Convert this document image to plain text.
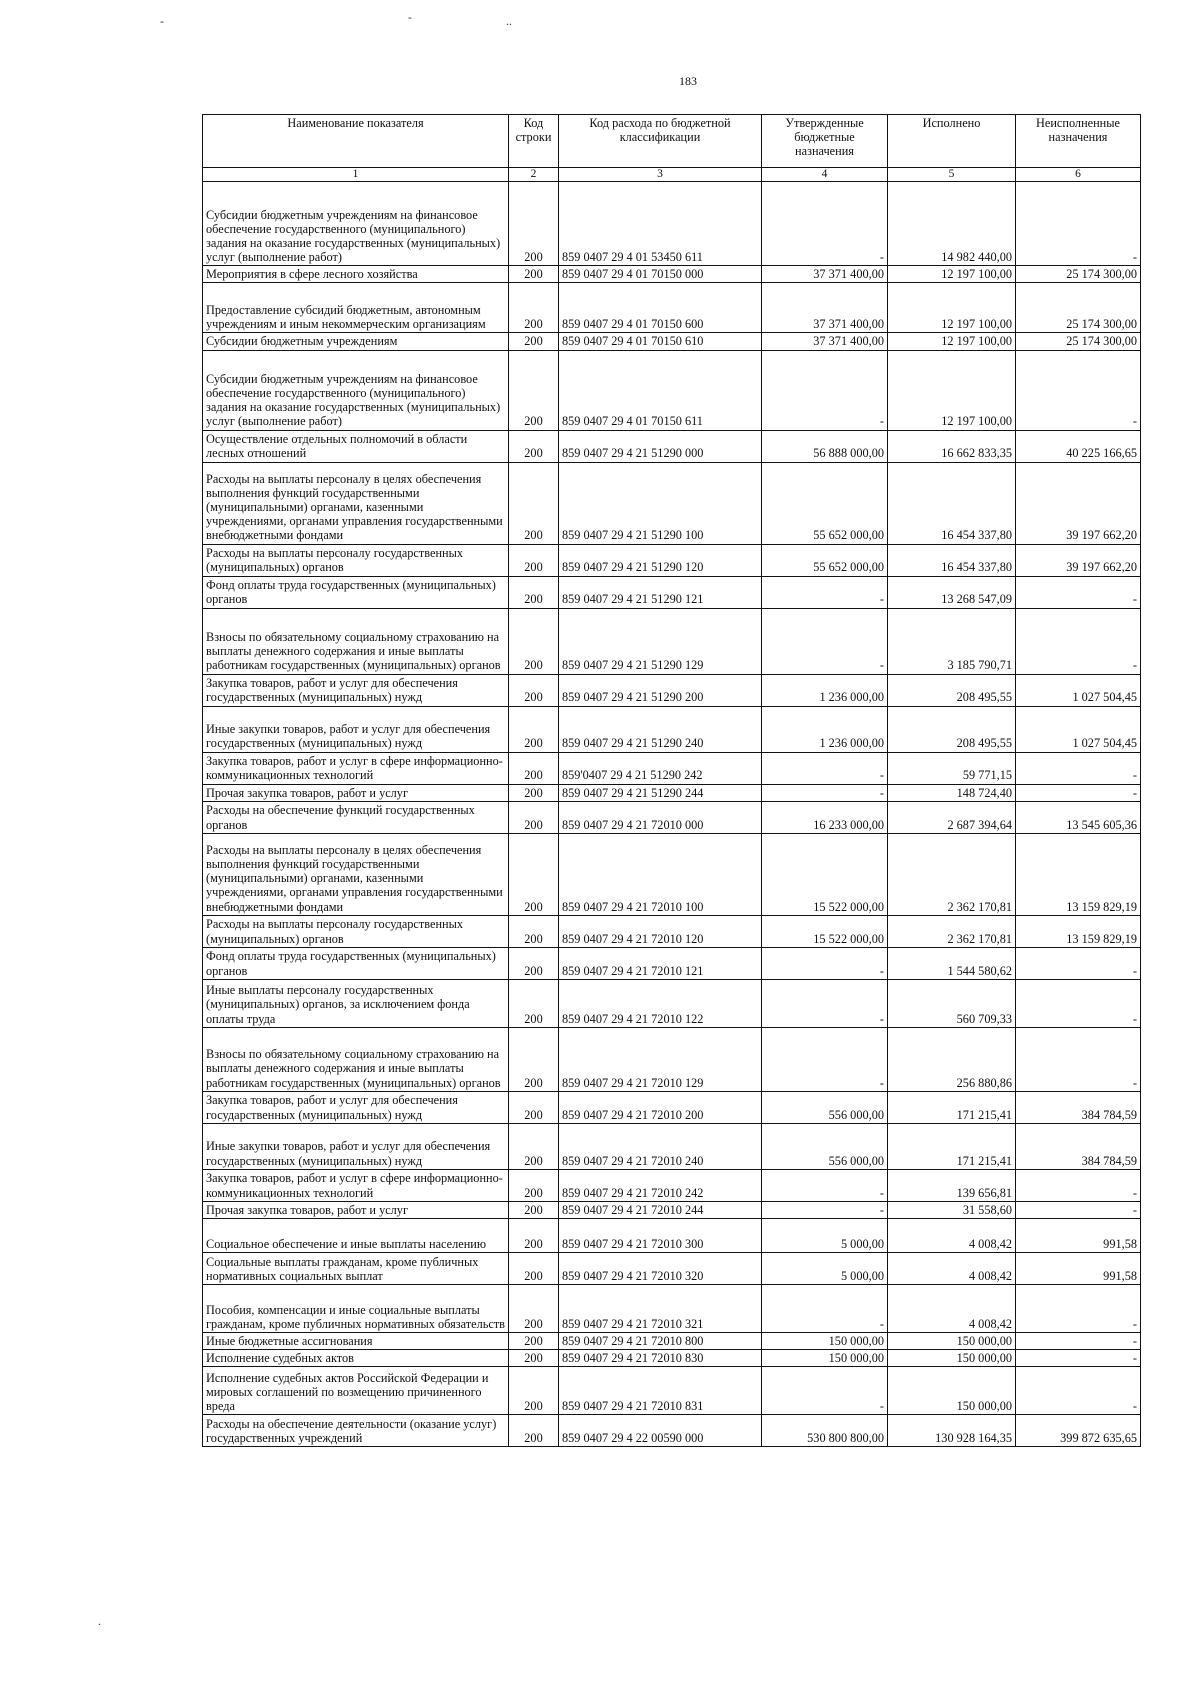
-	-	..
.
183
Наименование показателя	Код строки	Код расхода по бюджетной классификации	Утвержденные бюджетные назначения	Исполнено	Неисполненные назначения
1	2	3	4	5	6
Субсидии бюджетным учреждениям на финансовое обеспечение государственного (муниципального) задания на оказание государственных (муниципальных) услуг (выполнение работ)	200	859 0407 29 4 01 53450 611	-	14 982 440,00	-
Мероприятия в сфере лесного хозяйства	200	859 0407 29 4 01 70150 000	37 371 400,00	12 197 100,00	25 174 300,00
Предоставление субсидий бюджетным, автономным учреждениям и иным некоммерческим организациям	200	859 0407 29 4 01 70150 600	37 371 400,00	12 197 100,00	25 174 300,00
Субсидии бюджетным учреждениям	200	859 0407 29 4 01 70150 610	37 371 400,00	12 197 100,00	25 174 300,00
Субсидии бюджетным учреждениям на финансовое обеспечение государственного (муниципального) задания на оказание государственных (муниципальных) услуг (выполнение работ)	200	859 0407 29 4 01 70150 611	-	12 197 100,00	-
Осуществление отдельных полномочий в области лесных отношений	200	859 0407 29 4 21 51290 000	56 888 000,00	16 662 833,35	40 225 166,65
Расходы на выплаты персоналу в целях обеспечения выполнения функций государственными (муниципальными) органами, казенными учреждениями, органами управления государственными внебюджетными фондами	200	859 0407 29 4 21 51290 100	55 652 000,00	16 454 337,80	39 197 662,20
Расходы на выплаты персоналу государственных (муниципальных) органов	200	859 0407 29 4 21 51290 120	55 652 000,00	16 454 337,80	39 197 662,20
Фонд оплаты труда государственных (муниципальных) органов	200	859 0407 29 4 21 51290 121	-	13 268 547,09	-
Взносы по обязательному социальному страхованию на выплаты денежного содержания и иные выплаты работникам государственных (муниципальных) органов	200	859 0407 29 4 21 51290 129	-	3 185 790,71	-
Закупка товаров, работ и услуг для обеспечения государственных (муниципальных) нужд	200	859 0407 29 4 21 51290 200	1 236 000,00	208 495,55	1 027 504,45
Иные закупки товаров, работ и услуг для обеспечения государственных (муниципальных) нужд	200	859 0407 29 4 21 51290 240	1 236 000,00	208 495,55	1 027 504,45
Закупка товаров, работ и услуг в сфере информационно-коммуникационных технологий	200	859'0407 29 4 21 51290 242	-	59 771,15	-
Прочая закупка товаров, работ и услуг	200	859 0407 29 4 21 51290 244	-	148 724,40	-
Расходы на обеспечение функций государственных органов	200	859 0407 29 4 21 72010 000	16 233 000,00	2 687 394,64	13 545 605,36
Расходы на выплаты персоналу в целях обеспечения выполнения функций государственными (муниципальными) органами, казенными учреждениями, органами управления государственными внебюджетными фондами	200	859 0407 29 4 21 72010 100	15 522 000,00	2 362 170,81	13 159 829,19
Расходы на выплаты персоналу государственных (муниципальных) органов	200	859 0407 29 4 21 72010 120	15 522 000,00	2 362 170,81	13 159 829,19
Фонд оплаты труда государственных (муниципальных) органов	200	859 0407 29 4 21 72010 121	-	1 544 580,62	-
Иные выплаты персоналу государственных (муниципальных) органов, за исключением фонда оплаты труда	200	859 0407 29 4 21 72010 122	-	560 709,33	-
Взносы по обязательному социальному страхованию на выплаты денежного содержания и иные выплаты работникам государственных (муниципальных) органов	200	859 0407 29 4 21 72010 129	-	256 880,86	-
Закупка товаров, работ и услуг для обеспечения государственных (муниципальных) нужд	200	859 0407 29 4 21 72010 200	556 000,00	171 215,41	384 784,59
Иные закупки товаров, работ и услуг для обеспечения государственных (муниципальных) нужд	200	859 0407 29 4 21 72010 240	556 000,00	171 215,41	384 784,59
Закупка товаров, работ и услуг в сфере информационно-коммуникационных технологий	200	859 0407 29 4 21 72010 242	-	139 656,81	-
Прочая закупка товаров, работ и услуг	200	859 0407 29 4 21 72010 244	-	31 558,60	-
Социальное обеспечение и иные выплаты населению	200	859 0407 29 4 21 72010 300	5 000,00	4 008,42	991,58
Социальные выплаты гражданам, кроме публичных нормативных социальных выплат	200	859 0407 29 4 21 72010 320	5 000,00	4 008,42	991,58
Пособия, компенсации и иные социальные выплаты гражданам, кроме публичных нормативных обязательств	200	859 0407 29 4 21 72010 321	-	4 008,42	-
Иные бюджетные ассигнования	200	859 0407 29 4 21 72010 800	150 000,00	150 000,00	-
Исполнение судебных актов	200	859 0407 29 4 21 72010 830	150 000,00	150 000,00	-
Исполнение судебных актов Российской Федерации и мировых соглашений по возмещению причиненного вреда	200	859 0407 29 4 21 72010 831	-	150 000,00	-
Расходы на обеспечение деятельности (оказание услуг) государственных учреждений	200	859 0407 29 4 22 00590 000	530 800 800,00	130 928 164,35	399 872 635,65
